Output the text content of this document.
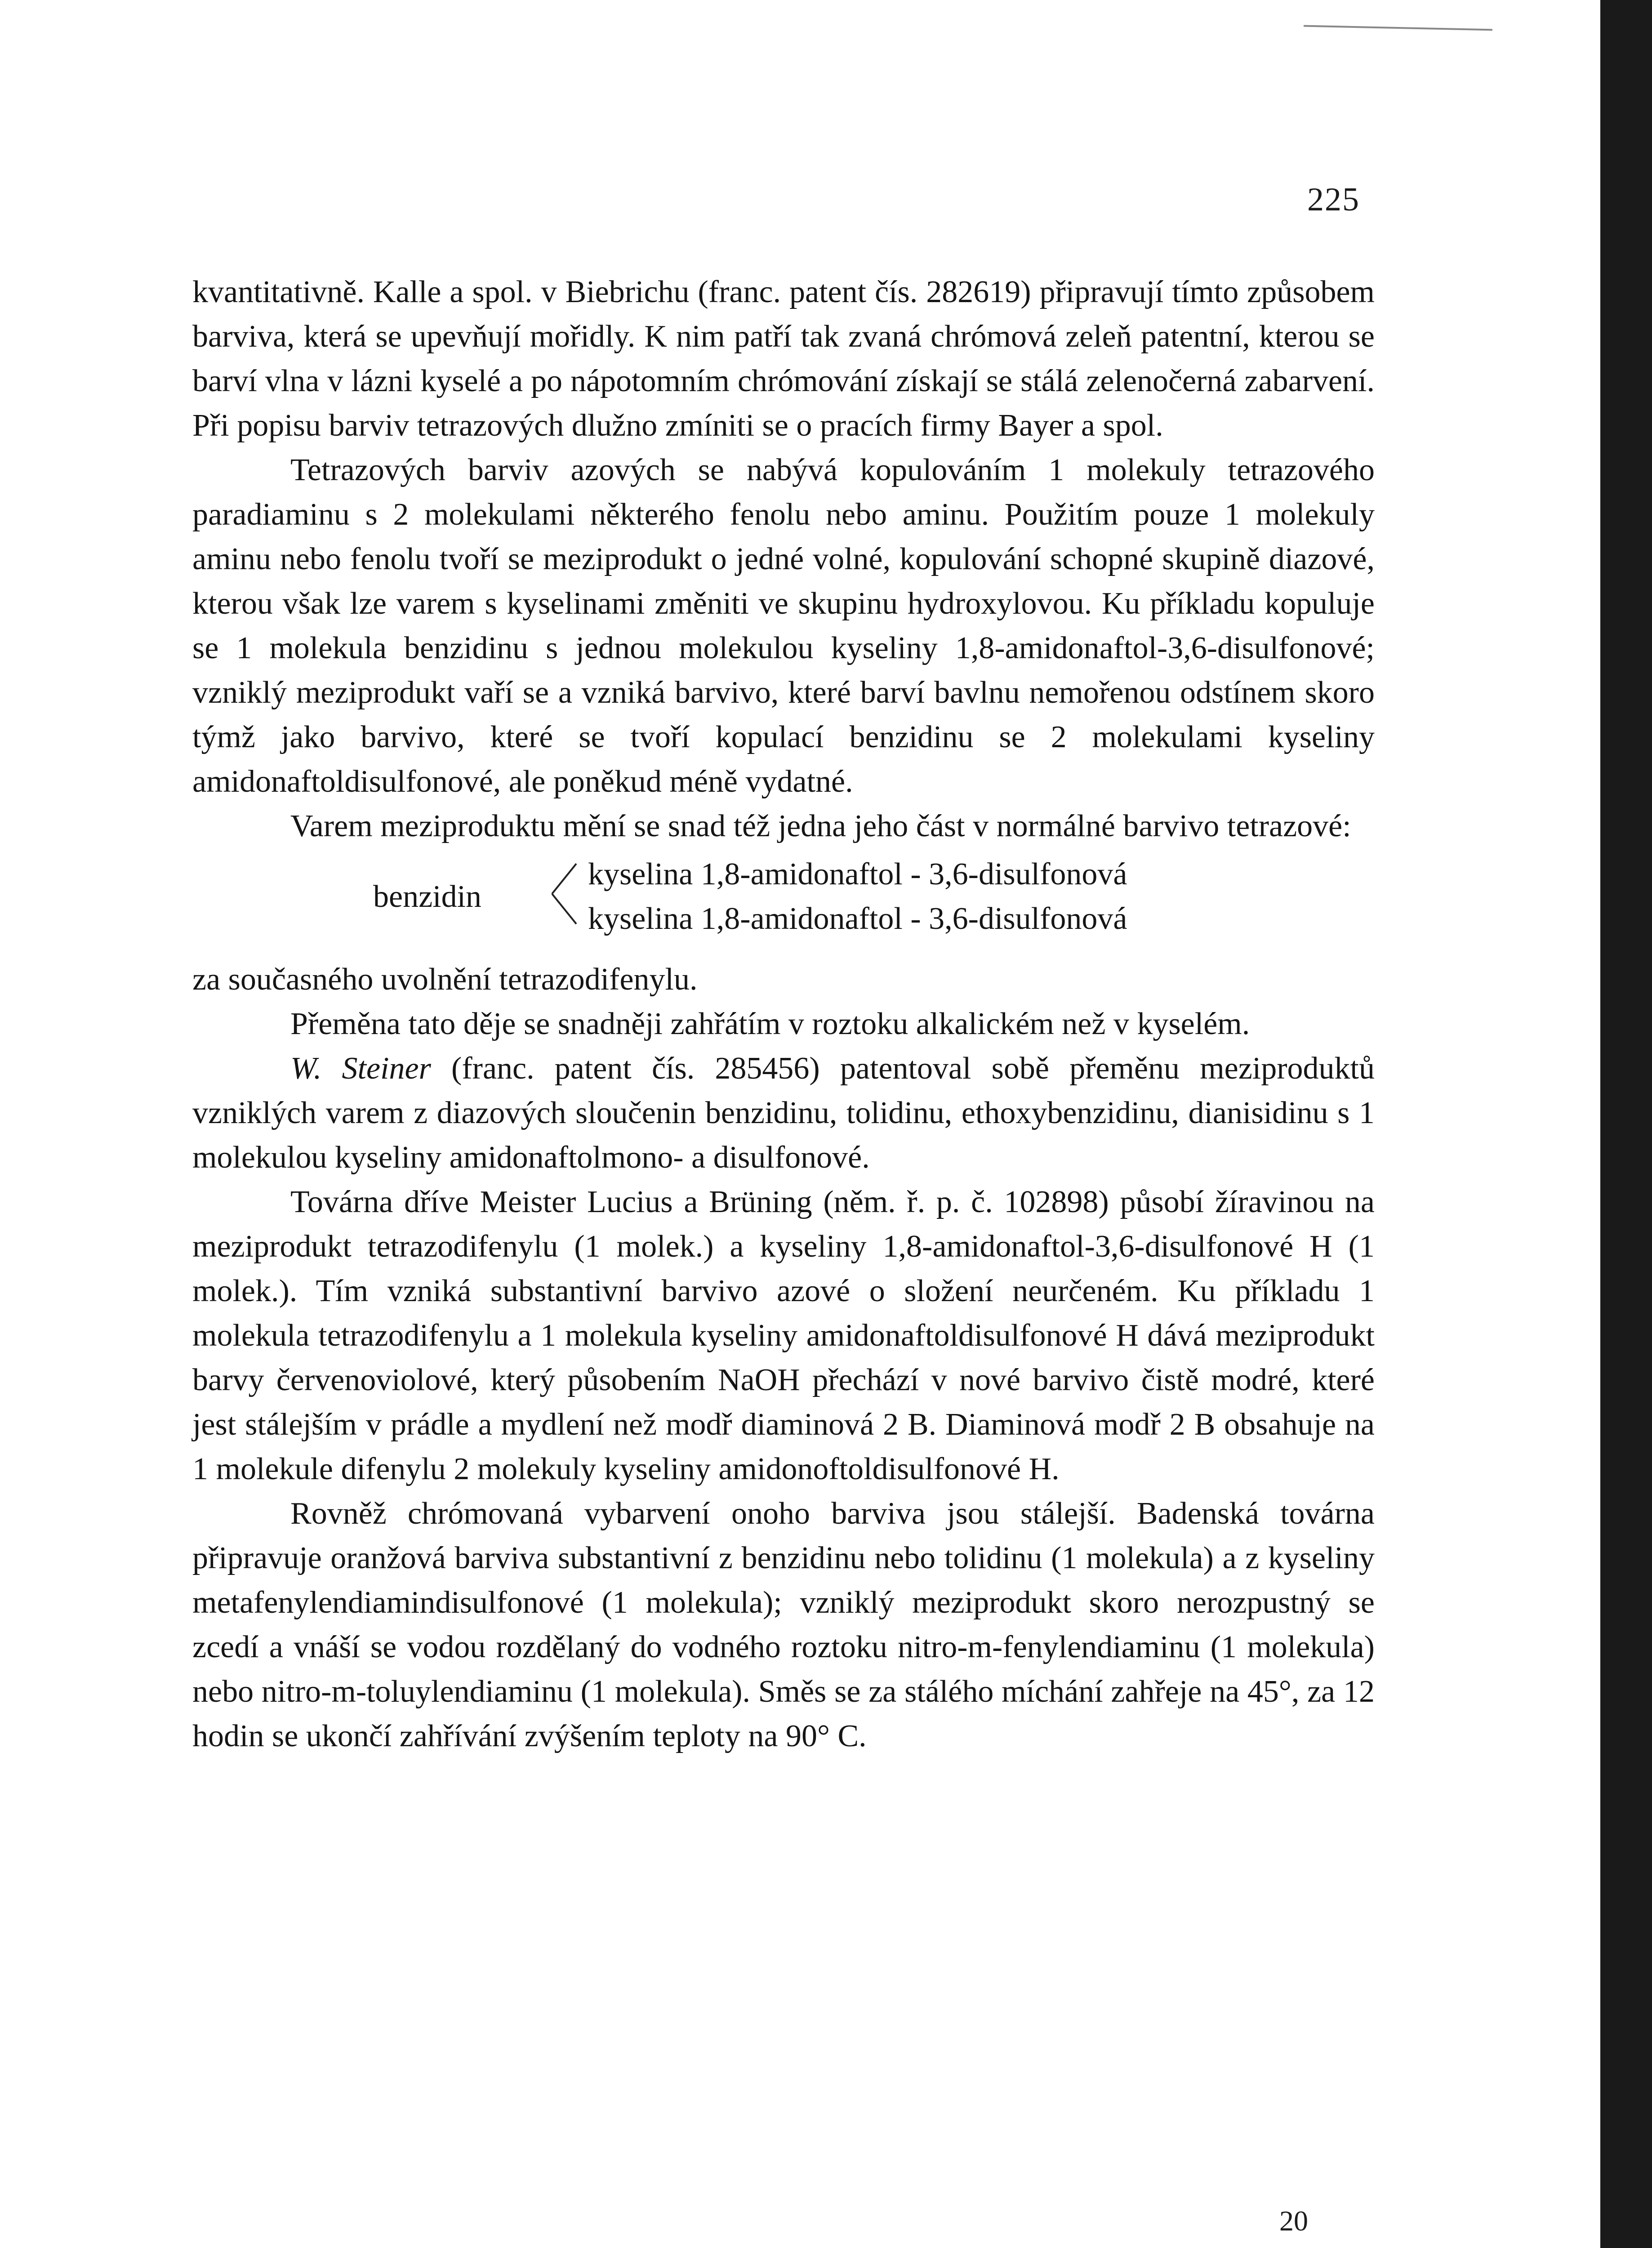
225

kvantitativně. Kalle a spol. v Biebrichu (franc. patent čís. 282619) připravují tímto způsobem barviva, která se upevňují mořidly. K nim patří tak zvaná chrómová zeleň patentní, kterou se barví vlna v lázni kyselé a po nápotomním chrómování získají se stálá zelenočerná zabarvení. Při popisu barviv tetrazových dlužno zmíniti se o pracích firmy Bayer a spol.

Tetrazových barviv azových se nabývá kopulováním 1 molekuly tetrazového paradiaminu s 2 molekulami některého fenolu nebo aminu. Použitím pouze 1 molekuly aminu nebo fenolu tvoří se meziprodukt o jedné volné, kopulování schopné skupině diazové, kterou však lze varem s kyselinami změniti ve skupinu hydroxylovou. Ku příkladu kopuluje se 1 molekula benzidinu s jednou molekulou kyseliny 1,8-amidonaftol-3,6-disulfonové; vzniklý meziprodukt vaří se a vzniká barvivo, které barví bavlnu nemořenou odstínem skoro týmž jako barvivo, které se tvoří kopulací benzidinu se 2 molekulami kyseliny amidonaftoldisulfonové, ale poněkud méně vydatné.

Varem meziproduktu mění se snad též jedna jeho část v normálné barvivo tetrazové:

benzidin
kyselina 1,8-amidonaftol - 3,6-disulfonová
kyselina 1,8-amidonaftol - 3,6-disulfonová

za současného uvolnění tetrazodifenylu.

Přeměna tato děje se snadněji zahřátím v roztoku alkalickém než v kyselém.

W. Steiner (franc. patent čís. 285456) patentoval sobě přeměnu meziproduktů vzniklých varem z diazových sloučenin benzidinu, tolidinu, ethoxybenzidinu, dianisidinu s 1 molekulou kyseliny amidonaftolmono- a disulfonové.

Továrna dříve Meister Lucius a Brüning (něm. ř. p. č. 102898) působí žíravinou na meziprodukt tetrazodifenylu (1 molek.) a kyseliny 1,8-amidonaftol-3,6-disulfonové H (1 molek.). Tím vzniká substantivní barvivo azové o složení neurčeném. Ku příkladu 1 molekula tetrazodifenylu a 1 molekula kyseliny amidonaftoldisulfonové H dává meziprodukt barvy červenoviolové, který působením NaOH přechází v nové barvivo čistě modré, které jest stálejším v prádle a mydlení než modř diaminová 2 B. Diaminová modř 2 B obsahuje na 1 molekule difenylu 2 molekuly kyseliny amidonoftoldisulfonové H.

Rovněž chrómovaná vybarvení onoho barviva jsou stálejší. Badenská továrna připravuje oranžová barviva substantivní z benzidinu nebo tolidinu (1 molekula) a z kyseliny metafenylendiamindisulfonové (1 molekula); vzniklý meziprodukt skoro nerozpustný se zcedí a vnáší se vodou rozdělaný do vodného roztoku nitro-m-fenylendiaminu (1 molekula) nebo nitro-m-toluylendiaminu (1 molekula). Směs se za stálého míchání zahřeje na 45°, za 12 hodin se ukončí zahřívání zvýšením teploty na 90° C.

20
